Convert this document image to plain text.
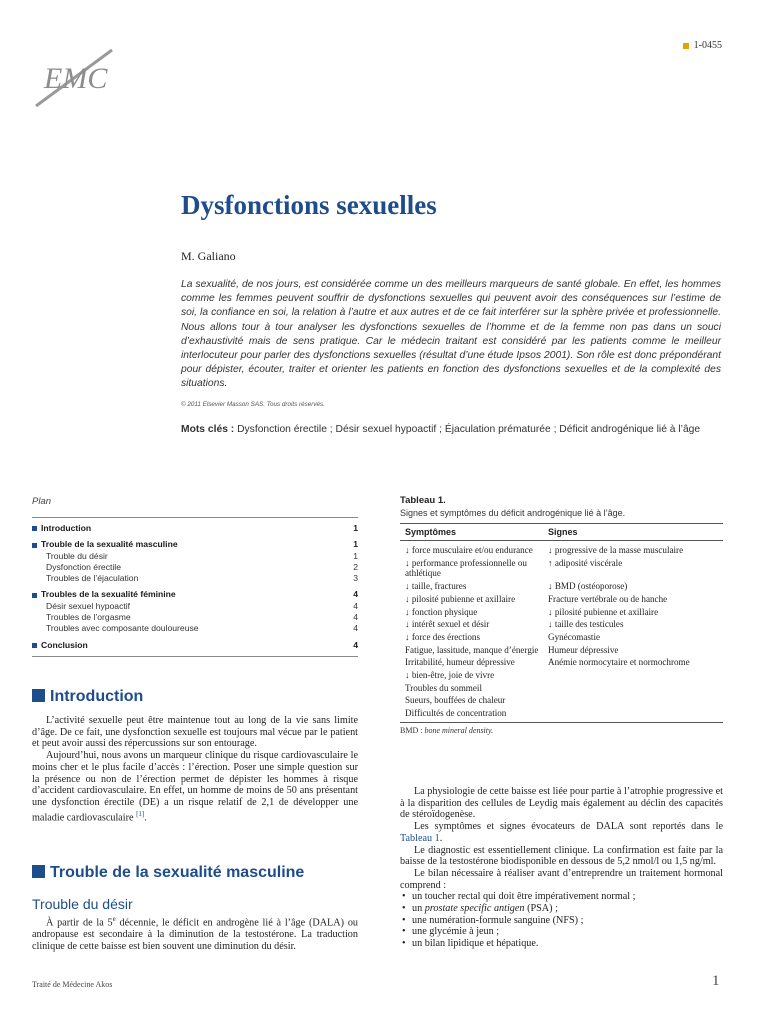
1-0455
EMC
Dysfonctions sexuelles
M. Galiano
La sexualité, de nos jours, est considérée comme un des meilleurs marqueurs de santé globale. En effet, les hommes comme les femmes peuvent souffrir de dysfonctions sexuelles qui peuvent avoir des conséquences sur l’estime de soi, la confiance en soi, la relation à l’autre et aux autres et de ce fait interférer sur la sphère privée et professionnelle. Nous allons tour à tour analyser les dysfonctions sexuelles de l’homme et de la femme non pas dans un souci d’exhaustivité mais de sens pratique. Car le médecin traitant est considéré par les patients comme le meilleur interlocuteur pour parler des dysfonctions sexuelles (résultat d’une étude Ipsos 2001). Son rôle est donc prépondérant pour dépister, écouter, traiter et orienter les patients en fonction des dysfonctions sexuelles et de la complexité des situations.
© 2011 Elsevier Masson SAS. Tous droits réservés.
Mots clés : Dysfonction érectile ; Désir sexuel hypoactif ; Éjaculation prématurée ; Déficit androgénique lié à l’âge
Plan
Introduction	1
Trouble de la sexualité masculine	1
Trouble du désir	1
Dysfonction érectile	2
Troubles de l’éjaculation	3
Troubles de la sexualité féminine	4
Désir sexuel hypoactif	4
Troubles de l’orgasme	4
Troubles avec composante douloureuse	4
Conclusion	4
Introduction

L’activité sexuelle peut être maintenue tout au long de la vie sans limite d’âge. De ce fait, une dysfonction sexuelle est toujours mal vécue par le patient et peut avoir aussi des répercussions sur son entourage.

Aujourd’hui, nous avons un marqueur clinique du risque cardiovasculaire le moins cher et le plus facile d’accès : l’érection. Poser une simple question sur la présence ou non de l’érection permet de dépister les hommes à risque d’accident cardiovasculaire. En effet, un homme de moins de 50 ans présentant une dysfonction érectile (DE) a un risque relatif de 2,1 de développer une maladie cardiovasculaire [1].

Trouble de la sexualité masculine
Trouble du désir

À partir de la 5e décennie, le déficit en androgène lié à l’âge (DALA) ou andropause est secondaire à la diminution de la testostérone. La traduction clinique de cette baisse est bien souvent une diminution du désir.

Tableau 1.
Signes et symptômes du déficit androgénique lié à l’âge.
Symptômes	Signes
↓ force musculaire et/ou endurance	↓ progressive de la masse musculaire
↓ performance professionnelle ou athlétique	↑ adiposité viscérale
↓ taille, fractures	↓ BMD (ostéoporose)
↓ pilosité pubienne et axillaire	Fracture vertébrale ou de hanche
↓ fonction physique	↓ pilosité pubienne et axillaire
↓ intérêt sexuel et désir	↓ taille des testicules
↓ force des érections	Gynécomastie
Fatigue, lassitude, manque d’énergie	Humeur dépressive
Irritabilité, humeur dépressive	Anémie normocytaire et normochrome
↓ bien-être, joie de vivre	
Troubles du sommeil	
Sueurs, bouffées de chaleur	
Difficultés de concentration	
BMD : bone mineral density.

La physiologie de cette baisse est liée pour partie à l’atrophie progressive et à la disparition des cellules de Leydig mais également au déclin des capacités de stéroïdogenèse.

Les symptômes et signes évocateurs de DALA sont reportés dans le Tableau 1.

Le diagnostic est essentiellement clinique. La confirmation est faite par la baisse de la testostérone biodisponible en dessous de 5,2 nmol/l ou 1,5 ng/ml.

Le bilan nécessaire à réaliser avant d’entreprendre un traitement hormonal comprend :

• un toucher rectal qui doit être impérativement normal ;
• un prostate specific antigen (PSA) ;
• une numération-formule sanguine (NFS) ;
• une glycémie à jeun ;
• un bilan lipidique et hépatique.
Traité de Médecine Akos	1
